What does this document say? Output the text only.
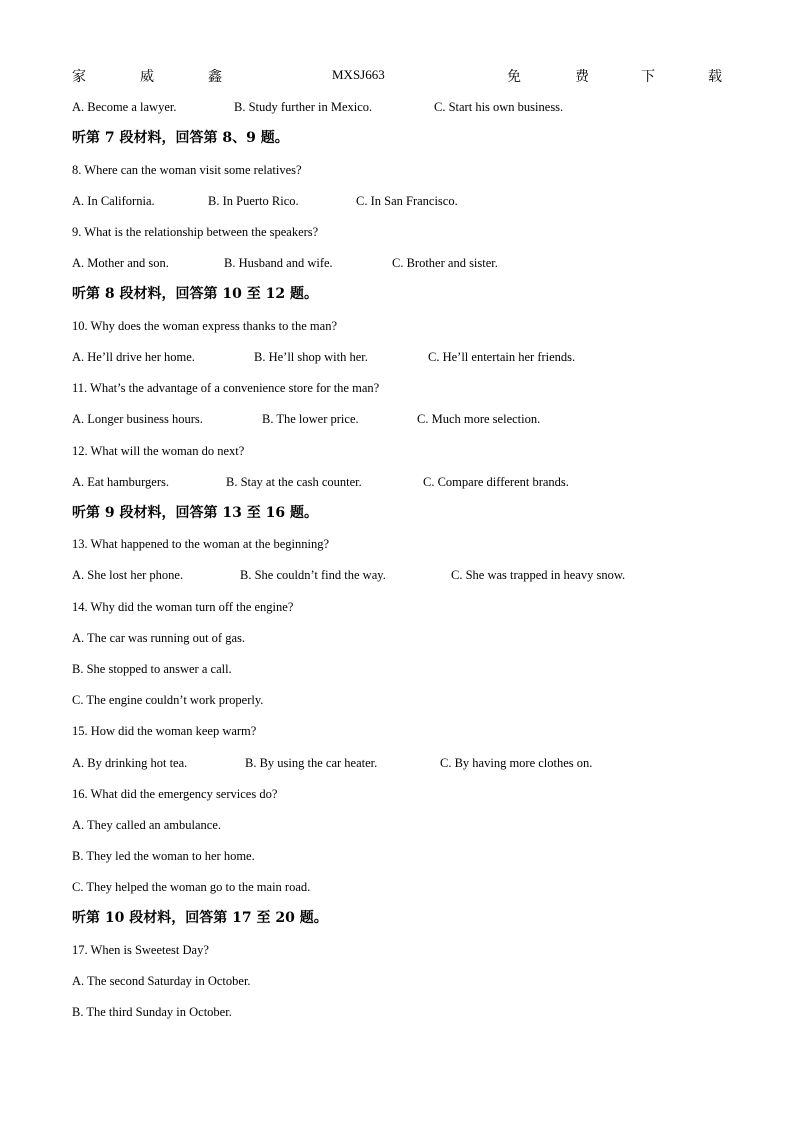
家	威	鑫	MXSJ663	免	费	下	载
A. Become a lawyer.	B. Study further in Mexico.	C. Start his own business.
听第 7 段材料，回答第 8、9 题。
8. Where can the woman visit some relatives?
A. In California.	B. In Puerto Rico.	C. In San Francisco.
9. What is the relationship between the speakers?
A. Mother and son.	B. Husband and wife.	C. Brother and sister.
听第 8 段材料，回答第 10 至 12 题。
10. Why does the woman express thanks to the man?
A. He’ll drive her home.	B. He’ll shop with her.	C. He’ll entertain her friends.
11. What’s the advantage of a convenience store for the man?
A. Longer business hours.	B. The lower price.	C. Much more selection.
12. What will the woman do next?
A. Eat hamburgers.	B. Stay at the cash counter.	C. Compare different brands.
听第 9 段材料，回答第 13 至 16 题。
13. What happened to the woman at the beginning?
A. She lost her phone.	B. She couldn’t find the way.	C. She was trapped in heavy snow.
14. Why did the woman turn off the engine?
A. The car was running out of gas.
B. She stopped to answer a call.
C. The engine couldn’t work properly.
15. How did the woman keep warm?
A. By drinking hot tea.	B. By using the car heater.	C. By having more clothes on.
16. What did the emergency services do?
A. They called an ambulance.
B. They led the woman to her home.
C. They helped the woman go to the main road.
听第 10 段材料，回答第 17 至 20 题。
17. When is Sweetest Day?
A. The second Saturday in October.
B. The third Sunday in October.
